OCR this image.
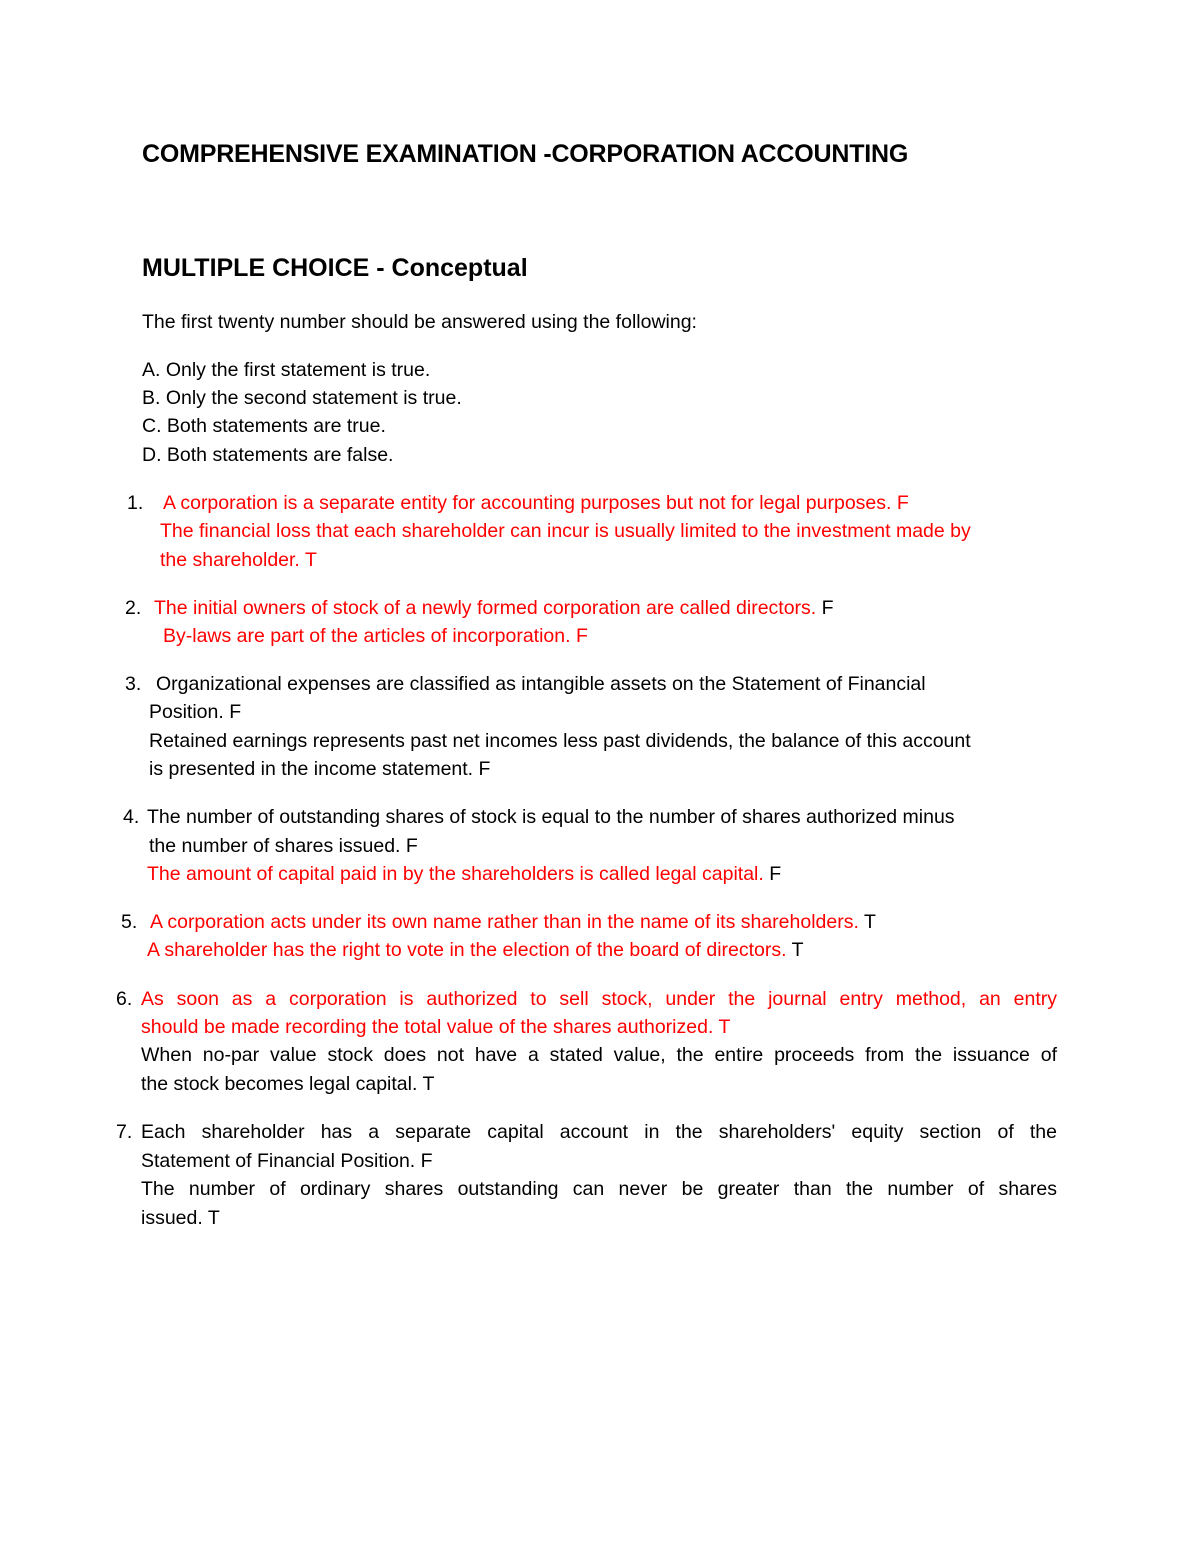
COMPREHENSIVE EXAMINATION -CORPORATION ACCOUNTING
MULTIPLE CHOICE - Conceptual
The first twenty number should be answered using the following:
A. Only the first statement is true.
B. Only the second statement is true.
C. Both statements are true.
D. Both statements are false.
1. A corporation is a separate entity for accounting purposes but not for legal purposes. F
The financial loss that each shareholder can incur is usually limited to the investment made by
the shareholder. T
2. The initial owners of stock of a newly formed corporation are called directors. F
By-laws are part of the articles of incorporation. F
3. Organizational expenses are classified as intangible assets on the Statement of Financial
Position. F
Retained earnings represents past net incomes less past dividends, the balance of this account
is presented in the income statement. F
4. The number of outstanding shares of stock is equal to the number of shares authorized minus
the number of shares issued. F
The amount of capital paid in by the shareholders is called legal capital. F
5. A corporation acts under its own name rather than in the name of its shareholders. T
A shareholder has the right to vote in the election of the board of directors. T
6. As soon as a corporation is authorized to sell stock, under the journal entry method, an entry
should be made recording the total value of the shares authorized. T
When no-par value stock does not have a stated value, the entire proceeds from the issuance of
the stock becomes legal capital. T
7. Each shareholder has a separate capital account in the shareholders' equity section of the
Statement of Financial Position. F
The number of ordinary shares outstanding can never be greater than the number of shares
issued. T
